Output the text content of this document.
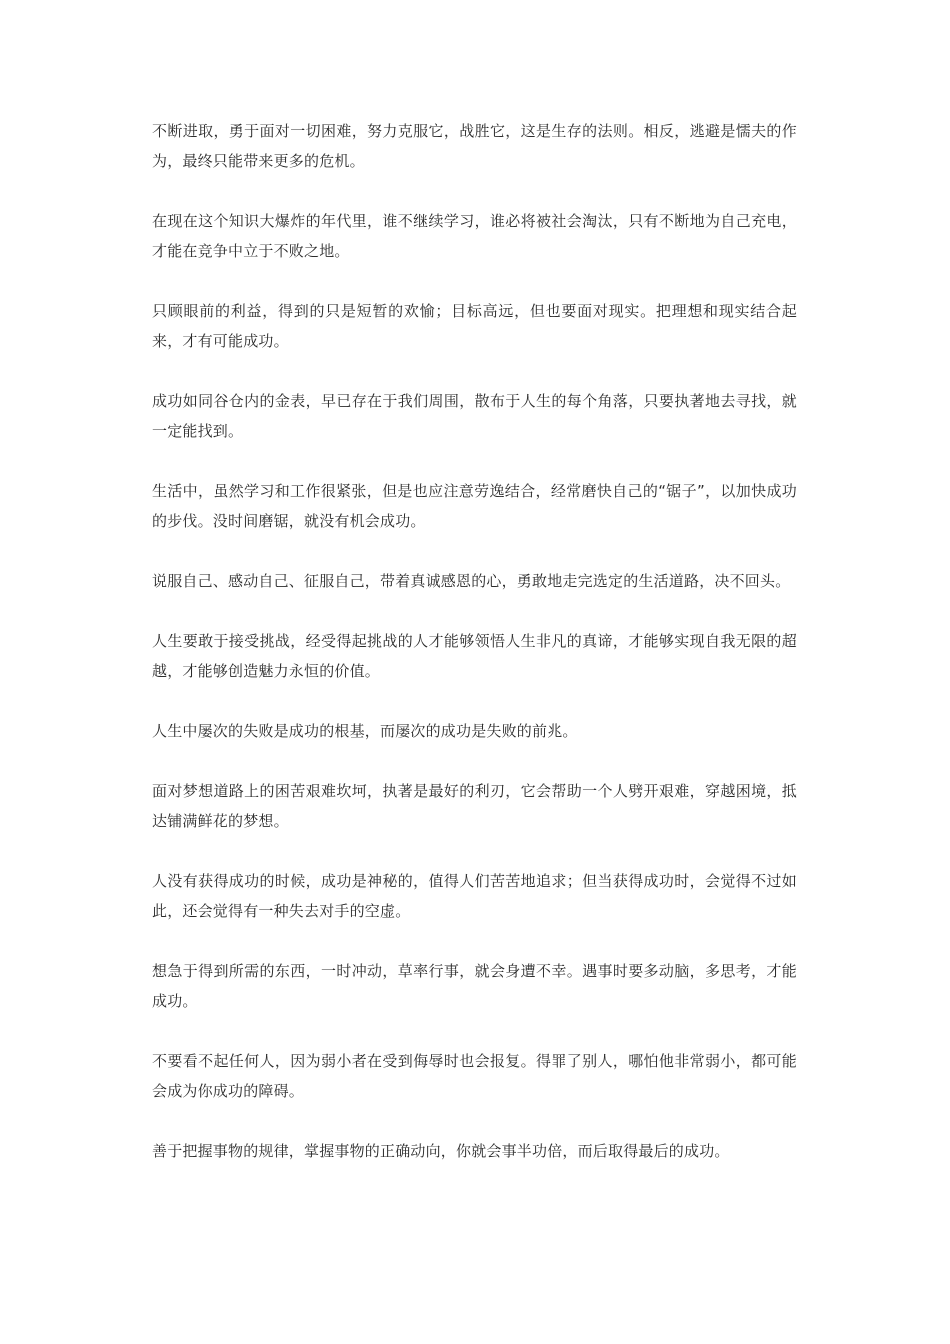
不断进取，勇于面对一切困难，努力克服它，战胜它，这是生存的法则。相反，逃避是懦夫的作为，最终只能带来更多的危机。

在现在这个知识大爆炸的年代里，谁不继续学习，谁必将被社会淘汰，只有不断地为自己充电，才能在竞争中立于不败之地。

只顾眼前的利益，得到的只是短暂的欢愉；目标高远，但也要面对现实。把理想和现实结合起来，才有可能成功。

成功如同谷仓内的金表，早已存在于我们周围，散布于人生的每个角落，只要执著地去寻找，就一定能找到。

生活中，虽然学习和工作很紧张，但是也应注意劳逸结合，经常磨快自己的“锯子”，以加快成功的步伐。没时间磨锯，就没有机会成功。

说服自己、感动自己、征服自己，带着真诚感恩的心，勇敢地走完选定的生活道路，决不回头。

人生要敢于接受挑战，经受得起挑战的人才能够领悟人生非凡的真谛，才能够实现自我无限的超越，才能够创造魅力永恒的价值。

人生中屡次的失败是成功的根基，而屡次的成功是失败的前兆。

面对梦想道路上的困苦艰难坎坷，执著是最好的利刃，它会帮助一个人劈开艰难，穿越困境，抵达铺满鲜花的梦想。

人没有获得成功的时候，成功是神秘的，值得人们苦苦地追求；但当获得成功时，会觉得不过如此，还会觉得有一种失去对手的空虚。

想急于得到所需的东西，一时冲动，草率行事，就会身遭不幸。遇事时要多动脑，多思考，才能成功。

不要看不起任何人，因为弱小者在受到侮辱时也会报复。得罪了别人，哪怕他非常弱小，都可能会成为你成功的障碍。

善于把握事物的规律，掌握事物的正确动向，你就会事半功倍，而后取得最后的成功。
